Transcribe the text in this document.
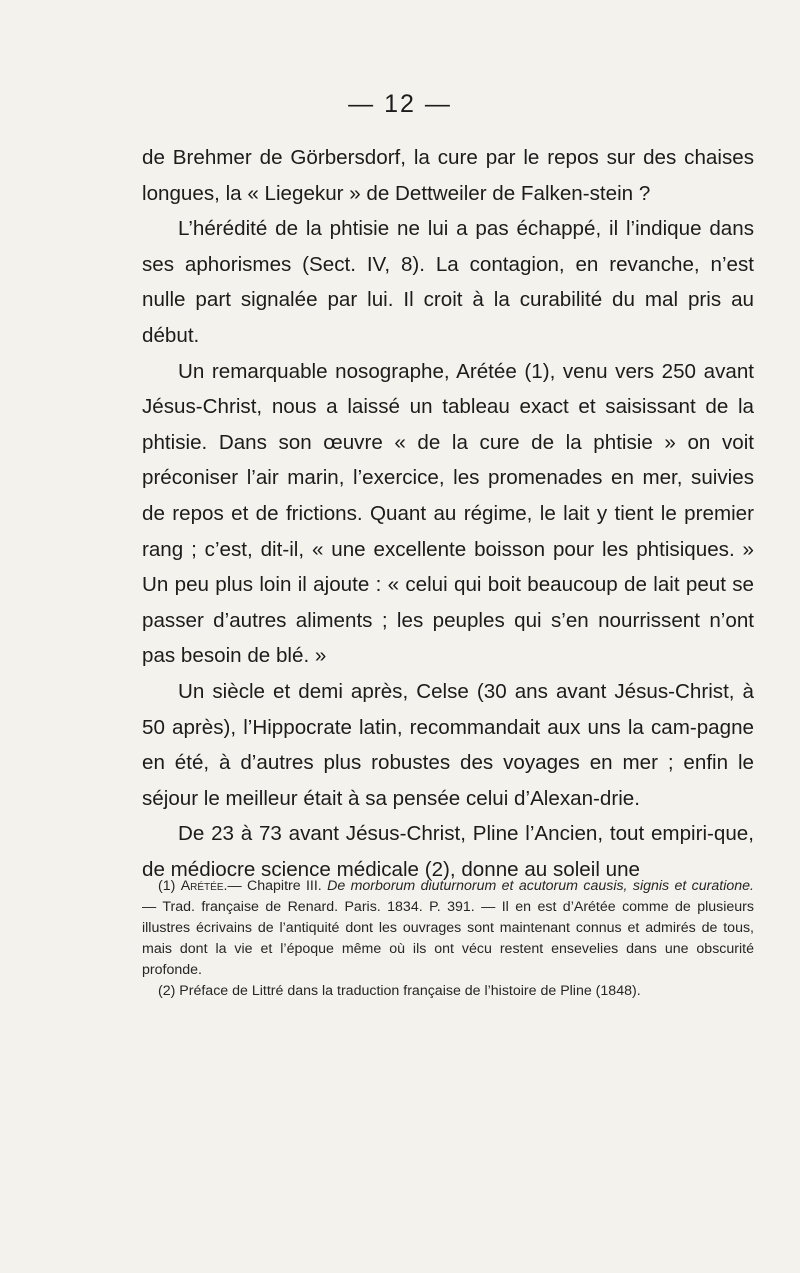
— 12 —

de Brehmer de Görbersdorf, la cure par le repos sur des chaises longues, la « Liegekur » de Dettweiler de Falken-stein ?

L’hérédité de la phtisie ne lui a pas échappé, il l’indique dans ses aphorismes (Sect. IV, 8). La contagion, en revanche, n’est nulle part signalée par lui. Il croit à la curabilité du mal pris au début.

Un remarquable nosographe, Arétée (1), venu vers 250 avant Jésus-Christ, nous a laissé un tableau exact et saisissant de la phtisie. Dans son œuvre « de la cure de la phtisie » on voit préconiser l’air marin, l’exercice, les promenades en mer, suivies de repos et de frictions. Quant au régime, le lait y tient le premier rang ; c’est, dit-il, « une excellente boisson pour les phtisiques. » Un peu plus loin il ajoute : « celui qui boit beaucoup de lait peut se passer d’autres aliments ; les peuples qui s’en nourrissent n’ont pas besoin de blé. »

Un siècle et demi après, Celse (30 ans avant Jésus-Christ, à 50 après), l’Hippocrate latin, recommandait aux uns la cam-pagne en été, à d’autres plus robustes des voyages en mer ; enfin le séjour le meilleur était à sa pensée celui d’Alexan-drie.

De 23 à 73 avant Jésus-Christ, Pline l’Ancien, tout empiri-que, de médiocre science médicale (2), donne au soleil une

(1) Arétée.— Chapitre III. De morborum diuturnorum et acutorum causis, signis et curatione. — Trad. française de Renard. Paris. 1834. P. 391. — Il en est d’Arétée comme de plusieurs illustres écrivains de l’antiquité dont les ouvrages sont maintenant connus et admirés de tous, mais dont la vie et l’époque même où ils ont vécu restent ensevelies dans une obscurité profonde.

(2) Préface de Littré dans la traduction française de l’histoire de Pline (1848).
